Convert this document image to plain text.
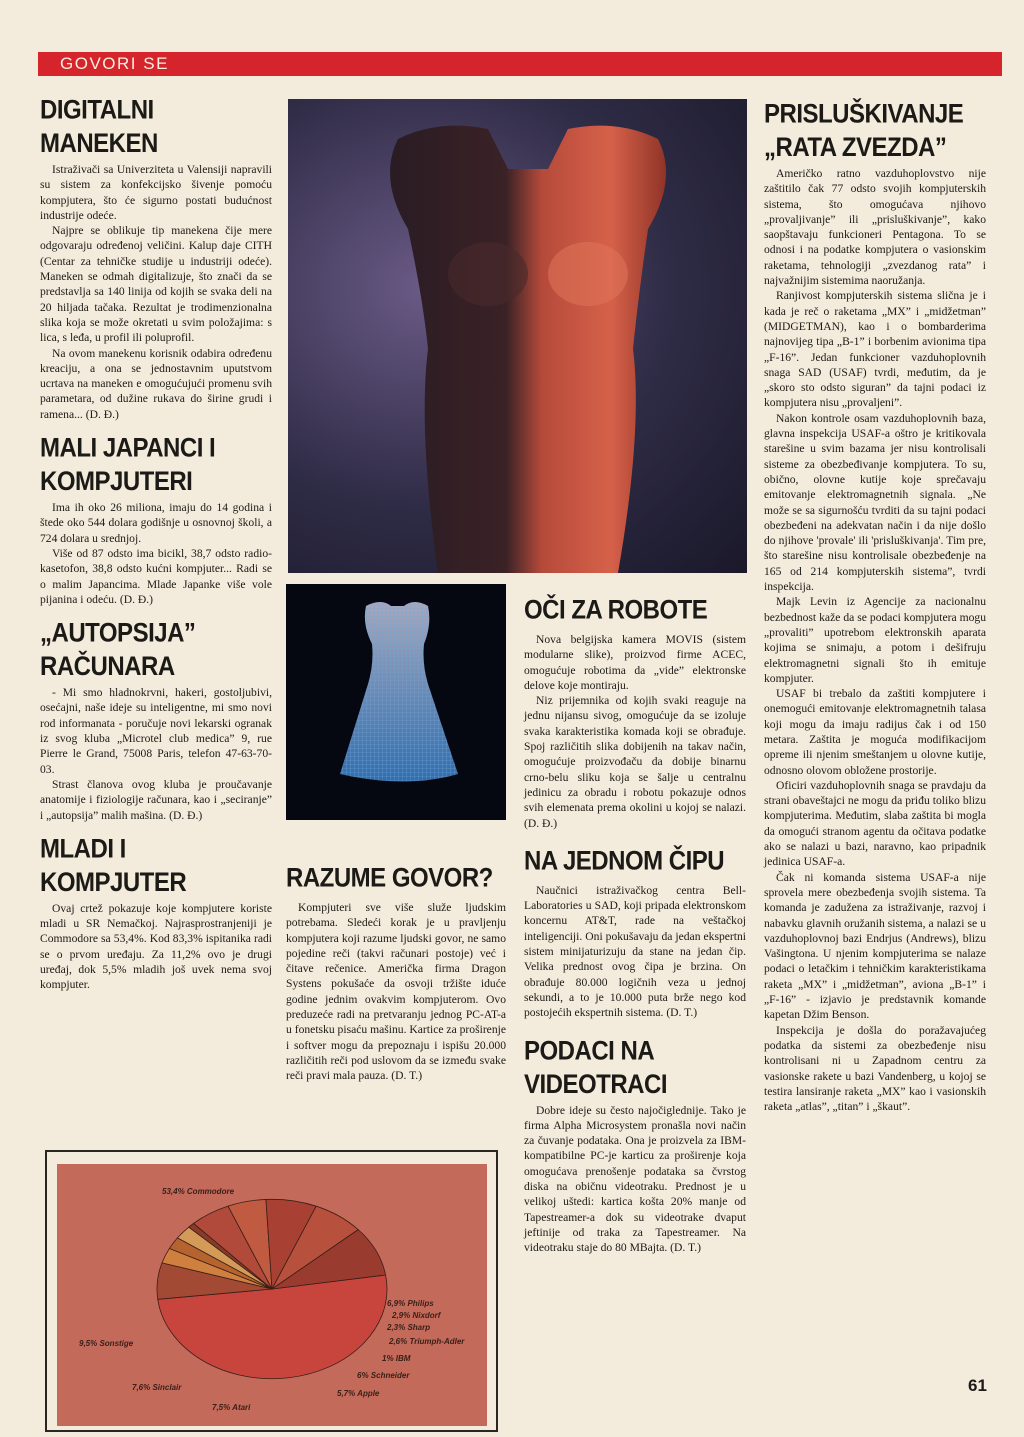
GOVORI SE
DIGITALNI MANEKEN

Istraživači sa Univerziteta u Valensiji napravili su sistem za konfekcijsko šivenje pomoću kompjutera, što će sigurno postati budućnost industrije odeće.

Najpre se oblikuje tip manekena čije mere odgovaraju određenoj veličini. Kalup daje CITH (Centar za tehničke studije u industriji odeće). Maneken se odmah digitalizuje, što znači da se predstavlja sa 140 linija od kojih se svaka deli na 20 hiljada tačaka. Rezultat je trodimenzionalna slika koja se može okretati u svim položajima: s lica, s leđa, u profil ili poluprofil.

Na ovom manekenu korisnik odabira određenu kreaciju, a ona se jednostavnim uputstvom ucrtava na maneken e omogućujući promenu svih parametara, od dužine rukava do širine grudi i ramena... (D. Đ.)

MALI JAPANCI I KOMPJUTERI

Ima ih oko 26 miliona, imaju do 14 godina i štede oko 544 dolara godišnje u osnovnoj školi, a 724 dolara u srednjoj.

Više od 87 odsto ima bicikl, 38,7 odsto radio-kasetofon, 38,8 odsto kućni kompjuter... Radi se o malim Japancima. Mlade Japanke više vole pijanina i odeću. (D. Đ.)

„AUTOPSIJA” RAČUNARA

- Mi smo hladnokrvni, hakeri, gostoljubivi, osećajni, naše ideje su inteligentne, mi smo novi rod informanata - poručuje novi lekarski ogranak iz svog kluba „Microtel club medica” 9, rue Pierre le Grand, 75008 Paris, telefon 47-63-70-03.

Strast članova ovog kluba je proučavanje anatomije i fiziologije računara, kao i „seciranje” i „autopsija” malih mašina. (D. Đ.)

MLADI I KOMPJUTER

Ovaj crtež pokazuje koje kompjutere koriste mladi u SR Nemačkoj. Najrasprostranjeniji je Commodore sa 53,4%. Kod 83,3% ispitanika radi se o prvom uređaju. Za 11,2% ovo je drugi uređaj, dok 5,5% mladih još uvek nema svoj kompjuter.

RAZUME GOVOR?

Kompjuteri sve više služe ljudskim potrebama. Sledeći korak je u pravljenju kompjutera koji razume ljudski govor, ne samo pojedine reči (takvi računari postoje) već i čitave rečenice. Američka firma Dragon Systens pokušaće da osvoji tržište iduće godine jednim ovakvim kompjuterom. Ovo preduzeće radi na pretvaranju jednog PC-AT-a u fonetsku pisaću mašinu. Kartice za proširenje i softver mogu da prepoznaju i ispišu 20.000 različitih reči pod uslovom da se između svake reči pravi mala pauza. (D. T.)

OČI ZA ROBOTE

Nova belgijska kamera MOVIS (sistem modularne slike), proizvod firme ACEC, omogućuje robotima da „vide” elektronske delove koje montiraju.

Niz prijemnika od kojih svaki reaguje na jednu nijansu sivog, omogućuje da se izoluje svaka karakteristika komada koji se obrađuje. Spoj različitih slika dobijenih na takav način, omogućuje proizvođaču da dobije binarnu crno-belu sliku koja se šalje u centralnu jedinicu za obradu i robotu pokazuje odnos svih elemenata prema okolini u kojoj se nalazi. (D. Đ.)

NA JEDNOM ČIPU

Naučnici istraživačkog centra Bell-Laboratories u SAD, koji pripada elektronskom koncernu AT&T, rade na veštačkoj inteligenciji. Oni pokušavaju da jedan ekspertni sistem minijaturizuju da stane na jedan čip. Velika prednost ovog čipa je brzina. On obrađuje 80.000 logičnih veza u jednoj sekundi, a to je 10.000 puta brže nego kod postojećih ekspertnih sistema. (D. T.)

PODACI NA VIDEOTRACI

Dobre ideje su često najočiglednije. Tako je firma Alpha Microsystem pronašla novi način za čuvanje podataka. Ona je proizvela za IBM-kompatibilne PC-je karticu za proširenje koja omogućava prenošenje podataka sa čvrstog diska na običnu videotraku. Prednost je u velikoj uštedi: kartica košta 20% manje od Tapestreamer-a dok su videotrake dvaput jeftinije od traka za Tapestreamer. Na videotraku staje do 80 MBajta. (D. T.)

PRISLUŠKIVANJE „RATA ZVEZDA”

Američko ratno vazduhoplovstvo nije zaštitilo čak 77 odsto svojih kompjuterskih sistema, što omogućava njihovo „provaljivanje” ili „prisluškivanje”, kako saopštavaju funkcioneri Pentagona. To se odnosi i na podatke kompjutera o vasionskim raketama, tehnologiji „zvezdanog rata” i najvažnijim sistemima naoružanja.

Ranjivost kompjuterskih sistema slična je i kada je reč o raketama „MX” i „midžetman” (MIDGETMAN), kao i o bombarderima najnovijeg tipa „B-1” i borbenim avionima tipa „F-16”. Jedan funkcioner vazduhoplovnih snaga SAD (USAF) tvrdi, međutim, da je „skoro sto odsto siguran” da tajni podaci iz kompjutera nisu „provaljeni”.

Nakon kontrole osam vazduhoplovnih baza, glavna inspekcija USAF-a oštro je kritikovala starešine u svim bazama jer nisu kontrolisali sisteme za obezbeđivanje kompjutera. To su, obično, olovne kutije koje sprečavaju emitovanje elektromagnetnih signala. „Ne može se sa sigurnošću tvrditi da su tajni podaci obezbeđeni na adekvatan način i da nije došlo do njihove 'provale' ili 'prisluškivanja'. Tim pre, što starešine nisu kontrolisale obezbeđenje na 165 od 214 kompjuterskih sistema”, tvrdi inspekcija.

Majk Levin iz Agencije za nacionalnu bezbednost kaže da se podaci kompjutera mogu „provaliti” upotrebom elektronskih aparata kojima se snimaju, a potom i dešifruju elektromagnetni signali što ih emituje kompjuter.

USAF bi trebalo da zaštiti kompjutere i onemogući emitovanje elektromagnetnih talasa koji mogu da imaju radijus čak i od 150 metara. Zaštita je moguća modifikacijom opreme ili njenim smeštanjem u olovne kutije, odnosno olovom obložene prostorije.

Oficiri vazduhoplovnih snaga se pravdaju da strani obaveštajci ne mogu da priđu toliko blizu kompjuterima. Međutim, slaba zaštita bi mogla da omogući stranom agentu da očitava podatke ako se nalazi u bazi, naravno, kao pripadnik jedinica USAF-a.

Čak ni komanda sistema USAF-a nije sprovela mere obezbeđenja svojih sistema. Ta komanda je zadužena za istraživanje, razvoj i nabavku glavnih oružanih sistema, a nalazi se u vazduhoplovnoj bazi Endrjus (Andrews), blizu Vašingtona. U njenim kompjuterima se nalaze podaci o letačkim i tehničkim karakteristikama raketa „MX” i „midžetman”, aviona „B-1” i „F-16” - izjavio je predstavnik komande kapetan Džim Benson.

Inspekcija je došla do poražavajućeg podatka da sistemi za obezbeđenje nisu kontrolisani ni u Zapadnom centru za vasionske rakete u bazi Vandenberg, u kojoj se testira lansiranje raketa „MX” kao i vasionskih raketa „atlas”, „titan” i „škaut”.

53,4% Commodore
6,9% Philips
2,9% Nixdorf
2,3% Sharp
2,6% Triumph-Adler
1% IBM
6% Schneider
5,7% Apple
7,5% Atari
7,6% Sinclair
9,5% Sonstige
61
